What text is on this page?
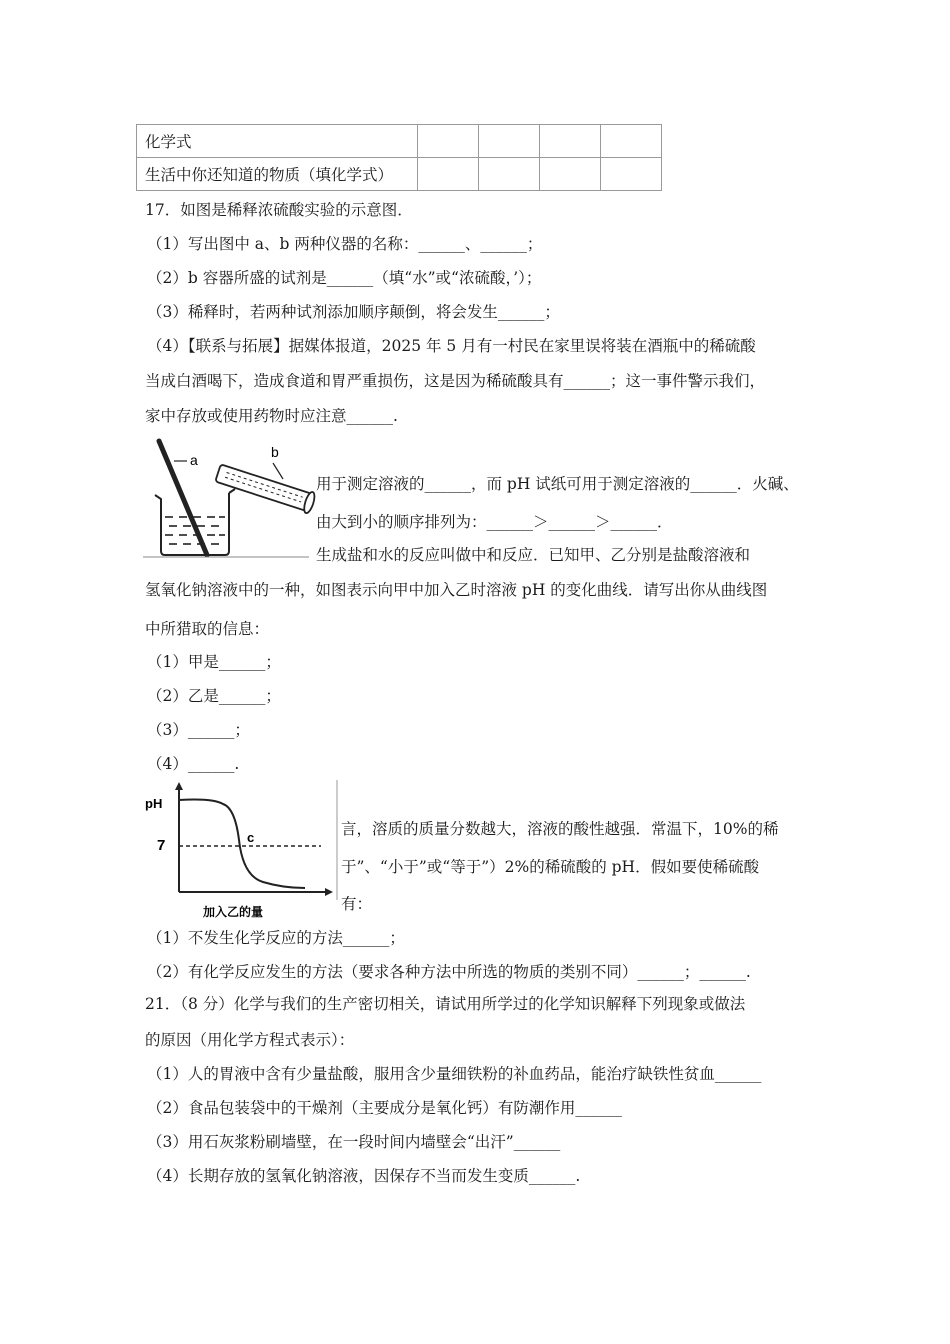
化学式				
生活中你还知道的物质（填化学式）				
17．如图是稀释浓硫酸实验的示意图．
（1）写出图中 a、b 两种仪器的名称：______、______；
（2）b 容器所盛的试剂是______（填“水”或“浓硫酸，’）；
（3）稀释时，若两种试剂添加顺序颠倒，将会发生______；
（4）【联系与拓展】据媒体报道，2025 年 5 月有一村民在家里误将装在酒瓶中的稀硫酸
当成白酒喝下，造成食道和胃严重损伤，这是因为稀硫酸具有______；这一事件警示我们，
家中存放或使用药物时应注意______.
a	b
用于测定溶液的______，而 pH 试纸可用于测定溶液的______．火碱、
由大到小的顺序排列为：______＞______＞______．
生成盐和水的反应叫做中和反应．已知甲、乙分别是盐酸溶液和
氢氧化钠溶液中的一种，如图表示向甲中加入乙时溶液 pH 的变化曲线．请写出你从曲线图
中所猎取的信息：
（1）甲是______；
（2）乙是______；
（3）______；
（4）______.
pH
7	c
加入乙的量
言，溶质的质量分数越大，溶液的酸性越强．常温下，10%的稀
于”、“小于”或“等于”）2%的稀硫酸的 pH．假如要使稀硫酸
有：
（1）不发生化学反应的方法______；
（2）有化学反应发生的方法（要求各种方法中所选的物质的类别不同）______；______.
21．（8 分）化学与我们的生产密切相关，请试用所学过的化学知识解释下列现象或做法
的原因（用化学方程式表示）：
（1）人的胃液中含有少量盐酸，服用含少量细铁粉的补血药品，能治疗缺铁性贫血______
（2）食品包装袋中的干燥剂（主要成分是氧化钙）有防潮作用______
（3）用石灰浆粉刷墙壁，在一段时间内墙壁会“出汗”______
（4）长期存放的氢氧化钠溶液，因保存不当而发生变质______.
